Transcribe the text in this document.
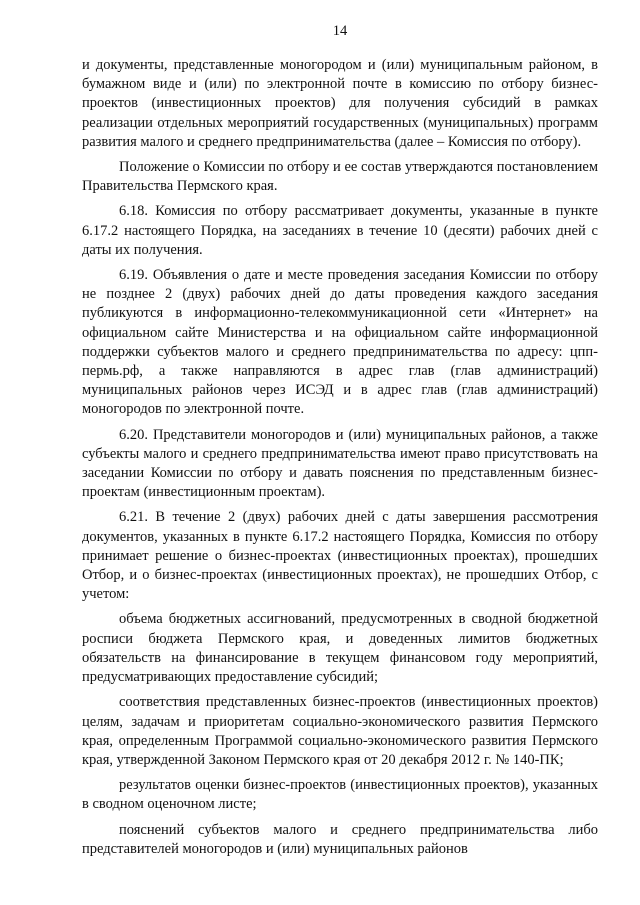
14

и документы, представленные моногородом и (или) муниципальным районом, в бумажном виде и (или) по электронной почте в комиссию по отбору бизнес-проектов (инвестиционных проектов) для получения субсидий в рамках реализации отдельных мероприятий государственных (муниципальных) программ развития малого и среднего предпринимательства (далее – Комиссия по отбору).

Положение о Комиссии по отбору и ее состав утверждаются постановлением Правительства Пермского края.

6.18. Комиссия по отбору рассматривает документы, указанные в пункте 6.17.2 настоящего Порядка, на заседаниях в течение 10 (десяти) рабочих дней с даты их получения.

6.19. Объявления о дате и месте проведения заседания Комиссии по отбору не позднее 2 (двух) рабочих дней до даты проведения каждого заседания публикуются в информационно-телекоммуникационной сети «Интернет» на официальном сайте Министерства и на официальном сайте информационной поддержки субъектов малого и среднего предпринимательства по адресу: цпп-пермь.рф, а также направляются в адрес глав (глав администраций) муниципальных районов через ИСЭД и в адрес глав (глав администраций) моногородов по электронной почте.

6.20. Представители моногородов и (или) муниципальных районов, а также субъекты малого и среднего предпринимательства имеют право присутствовать на заседании Комиссии по отбору и давать пояснения по представленным бизнес-проектам (инвестиционным проектам).

6.21. В течение 2 (двух) рабочих дней с даты завершения рассмотрения документов, указанных в пункте 6.17.2 настоящего Порядка, Комиссия по отбору принимает решение о бизнес-проектах (инвестиционных проектах), прошедших Отбор, и о бизнес-проектах (инвестиционных проектах), не прошедших Отбор, с учетом:

объема бюджетных ассигнований, предусмотренных в сводной бюджетной росписи бюджета Пермского края, и доведенных лимитов бюджетных обязательств на финансирование в текущем финансовом году мероприятий, предусматривающих предоставление субсидий;

соответствия представленных бизнес-проектов (инвестиционных проектов) целям, задачам и приоритетам социально-экономического развития Пермского края, определенным Программой социально-экономического развития Пермского края, утвержденной Законом Пермского края от 20 декабря 2012 г. № 140-ПК;

результатов оценки бизнес-проектов (инвестиционных проектов), указанных в сводном оценочном листе;

пояснений субъектов малого и среднего предпринимательства либо представителей моногородов и (или) муниципальных районов
